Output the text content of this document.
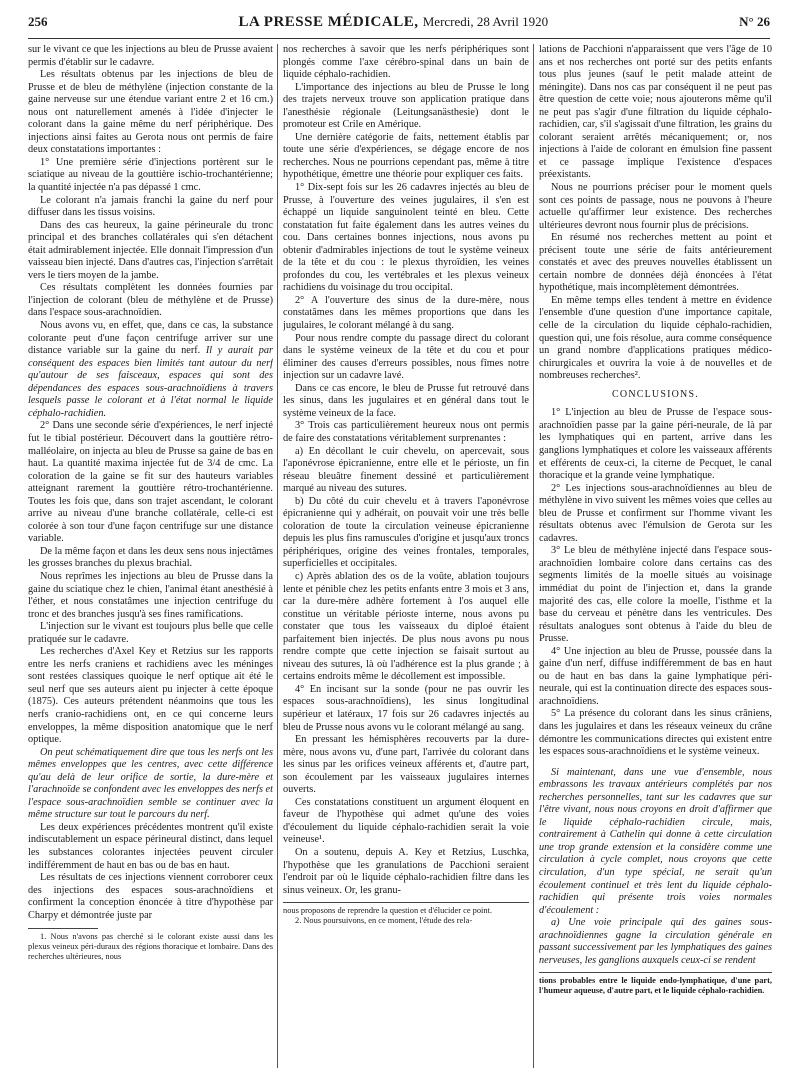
256	LA PRESSE MÉDICALE, Mercredi, 28 Avril 1920	N° 26

sur le vivant ce que les injections au bleu de Prusse avaient permis d'établir sur le cadavre.

Les résultats obtenus par les injections de bleu de Prusse et de bleu de méthylène (injection constante de la gaine nerveuse sur une étendue variant entre 2 et 16 cm.) nous ont naturellement amenés à l'idée d'injecter le colorant dans la gaine même du nerf périphérique. Des injections ainsi faites au Gerota nous ont permis de faire deux constatations importantes :

1° Une première série d'injections portèrent sur le sciatique au niveau de la gouttière ischio-trochantérienne; la quantité injectée n'a pas dépassé 1 cmc.

Le colorant n'a jamais franchi la gaine du nerf pour diffuser dans les tissus voisins.

Dans des cas heureux, la gaine périneurale du tronc principal et des branches collatérales qui s'en détachent était admirablement injectée. Elle donnait l'impression d'un vaisseau bien injecté. Dans d'autres cas, l'injection s'arrêtait vers le tiers moyen de la jambe.

Ces résultats complètent les données fournies par l'injection de colorant (bleu de méthylène et de Prusse) dans l'espace sous-arachnoïdien.

Nous avons vu, en effet, que, dans ce cas, la substance colorante peut d'une façon centrifuge arriver sur une distance variable sur la gaine du nerf. Il y aurait par conséquent des espaces bien limités tant autour du nerf qu'autour de ses faisceaux, espaces qui sont des dépendances des espaces sous-arachnoïdiens à travers lesquels passe le colorant et à l'état normal le liquide céphalo-rachidien.

2° Dans une seconde série d'expériences, le nerf injecté fut le tibial postérieur. Découvert dans la gouttière rétro-malléolaire, on injecta au bleu de Prusse sa gaine de bas en haut. La quantité maxima injectée fut de 3/4 de cmc. La coloration de la gaine se fit sur des hauteurs variables atteignant rarement la gouttière rétro-trochantérienne. Toutes les fois que, dans son trajet ascendant, le colorant arrive au niveau d'une branche collatérale, celle-ci est colorée à son tour d'une façon centrifuge sur une distance variable.

De la même façon et dans les deux sens nous injectâmes les grosses branches du plexus brachial.

Nous reprîmes les injections au bleu de Prusse dans la gaine du sciatique chez le chien, l'animal étant anesthésié à l'éther, et nous constatâmes une injection centrifuge du tronc et des branches jusqu'à ses fines ramifications.

L'injection sur le vivant est toujours plus belle que celle pratiquée sur le cadavre.

Les recherches d'Axel Key et Retzius sur les rapports entre les nerfs craniens et rachidiens avec les méninges sont restées classiques quoique le nerf optique ait été le seul nerf que ses auteurs aient pu injecter à cette époque (1875). Ces auteurs prétendent néanmoins que tous les nerfs cranio-rachidiens ont, en ce qui concerne leurs enveloppes, la même disposition anatomique que le nerf optique.

On peut schématiquement dire que tous les nerfs ont les mêmes enveloppes que les centres, avec cette différence qu'au delà de leur orifice de sortie, la dure-mère et l'arachnoïde se confondent avec les enveloppes des nerfs et l'espace sous-arachnoïdien semble se continuer avec la même structure sur tout le parcours du nerf.

Les deux expériences précédentes montrent qu'il existe indiscutablement un espace périneural distinct, dans lequel les substances colorantes injectées peuvent circuler indifféremment de haut en bas ou de bas en haut.

Les résultats de ces injections viennent corroborer ceux des injections des espaces sous-arachnoïdiens et confirment la conception énoncée à titre d'hypothèse par Charpy et démontrée juste par

1. Nous n'avons pas cherché si le colorant existe aussi dans les plexus veineux péri-duraux des régions thoracique et lombaire. Dans des recherches ultérieures, nous

nos recherches à savoir que les nerfs périphériques sont plongés comme l'axe cérébro-spinal dans un bain de liquide céphalo-rachidien.

L'importance des injections au bleu de Prusse le long des trajets nerveux trouve son application pratique dans l'anesthésie régionale (Leitungsanästhesie) dont le promoteur est Crile en Amérique.

Une dernière catégorie de faits, nettement établis par toute une série d'expériences, se dégage encore de nos recherches. Nous ne pourrions cependant pas, même à titre hypothétique, émettre une théorie pour expliquer ces faits.

1° Dix-sept fois sur les 26 cadavres injectés au bleu de Prusse, à l'ouverture des veines jugulaires, il s'en est échappé un liquide sanguinolent teinté en bleu. Cette constatation fut faite également dans les autres veines du cou. Dans certaines bonnes injections, nous avons pu obtenir d'admirables injections de tout le système veineux de la tête et du cou : le plexus thyroïdien, les veines profondes du cou, les vertébrales et les plexus veineux rachidiens du voisinage du trou occipital.

2° A l'ouverture des sinus de la dure-mère, nous constatâmes dans les mêmes proportions que dans les jugulaires, le colorant mélangé à du sang.

Pour nous rendre compte du passage direct du colorant dans le système veineux de la tête et du cou et pour éliminer des causes d'erreurs possibles, nous fîmes notre injection sur un cadavre lavé.

Dans ce cas encore, le bleu de Prusse fut retrouvé dans les sinus, dans les jugulaires et en général dans tout le système veineux de la face.

3° Trois cas particulièrement heureux nous ont permis de faire des constatations véritablement surprenantes :

a) En décollant le cuir chevelu, on apercevait, sous l'aponévrose épicranienne, entre elle et le périoste, un fin réseau bleuâtre finement dessiné et particulièrement marqué au niveau des sutures.

b) Du côté du cuir chevelu et à travers l'aponévrose épicranienne qui y adhérait, on pouvait voir une très belle coloration de toute la circulation veineuse épicranienne depuis les plus fins ramuscules d'origine et jusqu'aux troncs périphériques, origine des veines frontales, temporales, superficielles et occipitales.

c) Après ablation des os de la voûte, ablation toujours lente et pénible chez les petits enfants entre 3 mois et 3 ans, car la dure-mère adhère fortement à l'os auquel elle constitue un véritable périoste interne, nous avons pu constater que tous les vaisseaux du diploé étaient parfaitement bien injectés. De plus nous avons pu nous rendre compte que cette injection se faisait surtout au niveau des sutures, là où l'adhérence est la plus grande ; à certains endroits même le décollement est impossible.

4° En incisant sur la sonde (pour ne pas ouvrir les espaces sous-arachnoïdiens), les sinus longitudinal supérieur et latéraux, 17 fois sur 26 cadavres injectés au bleu de Prusse nous avons vu le colorant mélangé au sang.

En pressant les hémisphères recouverts par la dure-mère, nous avons vu, d'une part, l'arrivée du colorant dans les sinus par les orifices veineux afférents et, d'autre part, son écoulement par les vaisseaux jugulaires internes ouverts.

Ces constatations constituent un argument éloquent en faveur de l'hypothèse qui admet qu'une des voies d'écoulement du liquide céphalo-rachidien serait la voie veineuse¹.

On a soutenu, depuis A. Key et Retzius, Luschka, l'hypothèse que les granulations de Pacchioni seraient l'endroit par où le liquide céphalo-rachidien filtre dans les sinus veineux. Or, les granu-

nous proposons de reprendre la question et d'élucider ce point.

2. Nous poursuivons, en ce moment, l'étude des rela-

lations de Pacchioni n'apparaissent que vers l'âge de 10 ans et nos recherches ont porté sur des petits enfants tous plus jeunes (sauf le petit malade atteint de méningite). Dans nos cas par conséquent il ne peut pas être question de cette voie; nous ajouterons même qu'il ne peut pas s'agir d'une filtration du liquide céphalo-rachidien, car, s'il s'agissait d'une filtration, les grains du colorant seraient arrêtés mécaniquement; or, nos injections à l'aide de colorant en émulsion fine passent et ce passage implique l'existence d'espaces préexistants.

Nous ne pourrions préciser pour le moment quels sont ces points de passage, nous ne pouvons à l'heure actuelle qu'affirmer leur existence. Des recherches ultérieures devront nous fournir plus de précisions.

En résumé nos recherches mettent au point et précisent toute une série de faits antérieurement constatés et avec des preuves nouvelles établissent un certain nombre de données déjà énoncées à l'état hypothétique, mais incomplètement démontrées.

En même temps elles tendent à mettre en évidence l'ensemble d'une question d'une importance capitale, celle de la circulation du liquide céphalo-rachidien, question qui, une fois résolue, aura comme conséquence un grand nombre d'applications pratiques médico-chirurgicales et ouvrira la voie à de nouvelles et de nombreuses recherches².

CONCLUSIONS.

1° L'injection au bleu de Prusse de l'espace sous-arachnoïdien passe par la gaine péri-neurale, de là par les lymphatiques qui en partent, arrive dans les ganglions lymphatiques et colore les vaisseaux afférents et efférents de ceux-ci, la citerne de Pecquet, le canal thoracique et la grande veine lymphatique.

2° Les injections sous-arachnoïdiennes au bleu de méthylène in vivo suivent les mêmes voies que celles au bleu de Prusse et confirment sur l'homme vivant les résultats obtenus avec l'émulsion de Gerota sur les cadavres.

3° Le bleu de méthylène injecté dans l'espace sous-arachnoïdien lombaire colore dans certains cas des segments limités de la moelle situés au voisinage immédiat du point de l'injection et, dans la grande majorité des cas, elle colore la moelle, l'isthme et la base du cerveau et pénètre dans les ventricules. Des résultats analogues sont obtenus à l'aide du bleu de Prusse.

4° Une injection au bleu de Prusse, poussée dans la gaine d'un nerf, diffuse indifféremment de bas en haut ou de haut en bas dans la gaine lymphatique péri-neurale, qui est la continuation directe des espaces sous-arachnoïdiens.

5° La présence du colorant dans les sinus crâniens, dans les jugulaires et dans les réseaux veineux du crâne démontre les communications directes qui existent entre les espaces sous-arachnoïdiens et le système veineux.

Si maintenant, dans une vue d'ensemble, nous embrassons les travaux antérieurs complétés par nos recherches personnelles, tant sur les cadavres que sur l'être vivant, nous nous croyons en droit d'affirmer que le liquide céphalo-rachidien circule, mais, contrairement à Cathelin qui donne à cette circulation une trop grande extension et la considère comme une circulation à cycle complet, nous croyons que cette circulation, d'un type spécial, ne serait qu'un écoulement continuel et très lent du liquide céphalo-rachidien qui présente trois voies normales d'écoulement :

a) Une voie principale qui des gaines sous-arachnoïdiennes gagne la circulation générale en passant successivement par les lymphatiques des gaines nerveuses, les ganglions auxquels ceux-ci se rendent

tions probables entre le liquide endo-lymphatique, d'une part, l'humeur aqueuse, d'autre part, et le liquide céphalo-rachidien.
